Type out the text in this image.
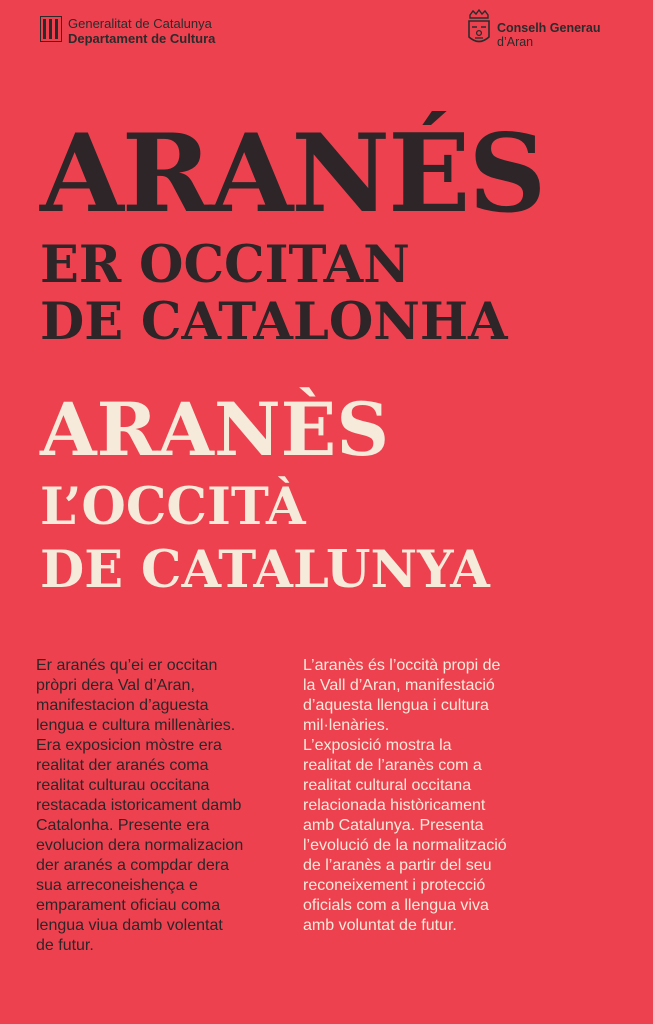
Generalitat de Catalunya
Departament de Cultura
Conselh Generau
d’Aran
ARANÉS
ER OCCITAN
DE CATALONHA
ARANÈS
L’OCCITÀ
DE CATALUNYA

Er aranés qu’ei er occitan
pròpri dera Val d’Aran,
manifestacion d’aguesta
lengua e cultura millenàries.
Era exposicion mòstre era
realitat der aranés coma
realitat culturau occitana
restacada istoricament damb
Catalonha. Presente era
evolucion dera normalizacion
der aranés a compdar dera
sua arreconeishença e
emparament oficiau coma
lengua viua damb volentat
de futur.

L’aranès és l’occità propi de
la Vall d’Aran, manifestació
d’aquesta llengua i cultura
mil·lenàries.
L’exposició mostra la
realitat de l’aranès com a
realitat cultural occitana
relacionada històricament
amb Catalunya. Presenta
l’evolució de la normalització
de l’aranès a partir del seu
reconeixement i protecció
oficials com a llengua viva
amb voluntat de futur.
